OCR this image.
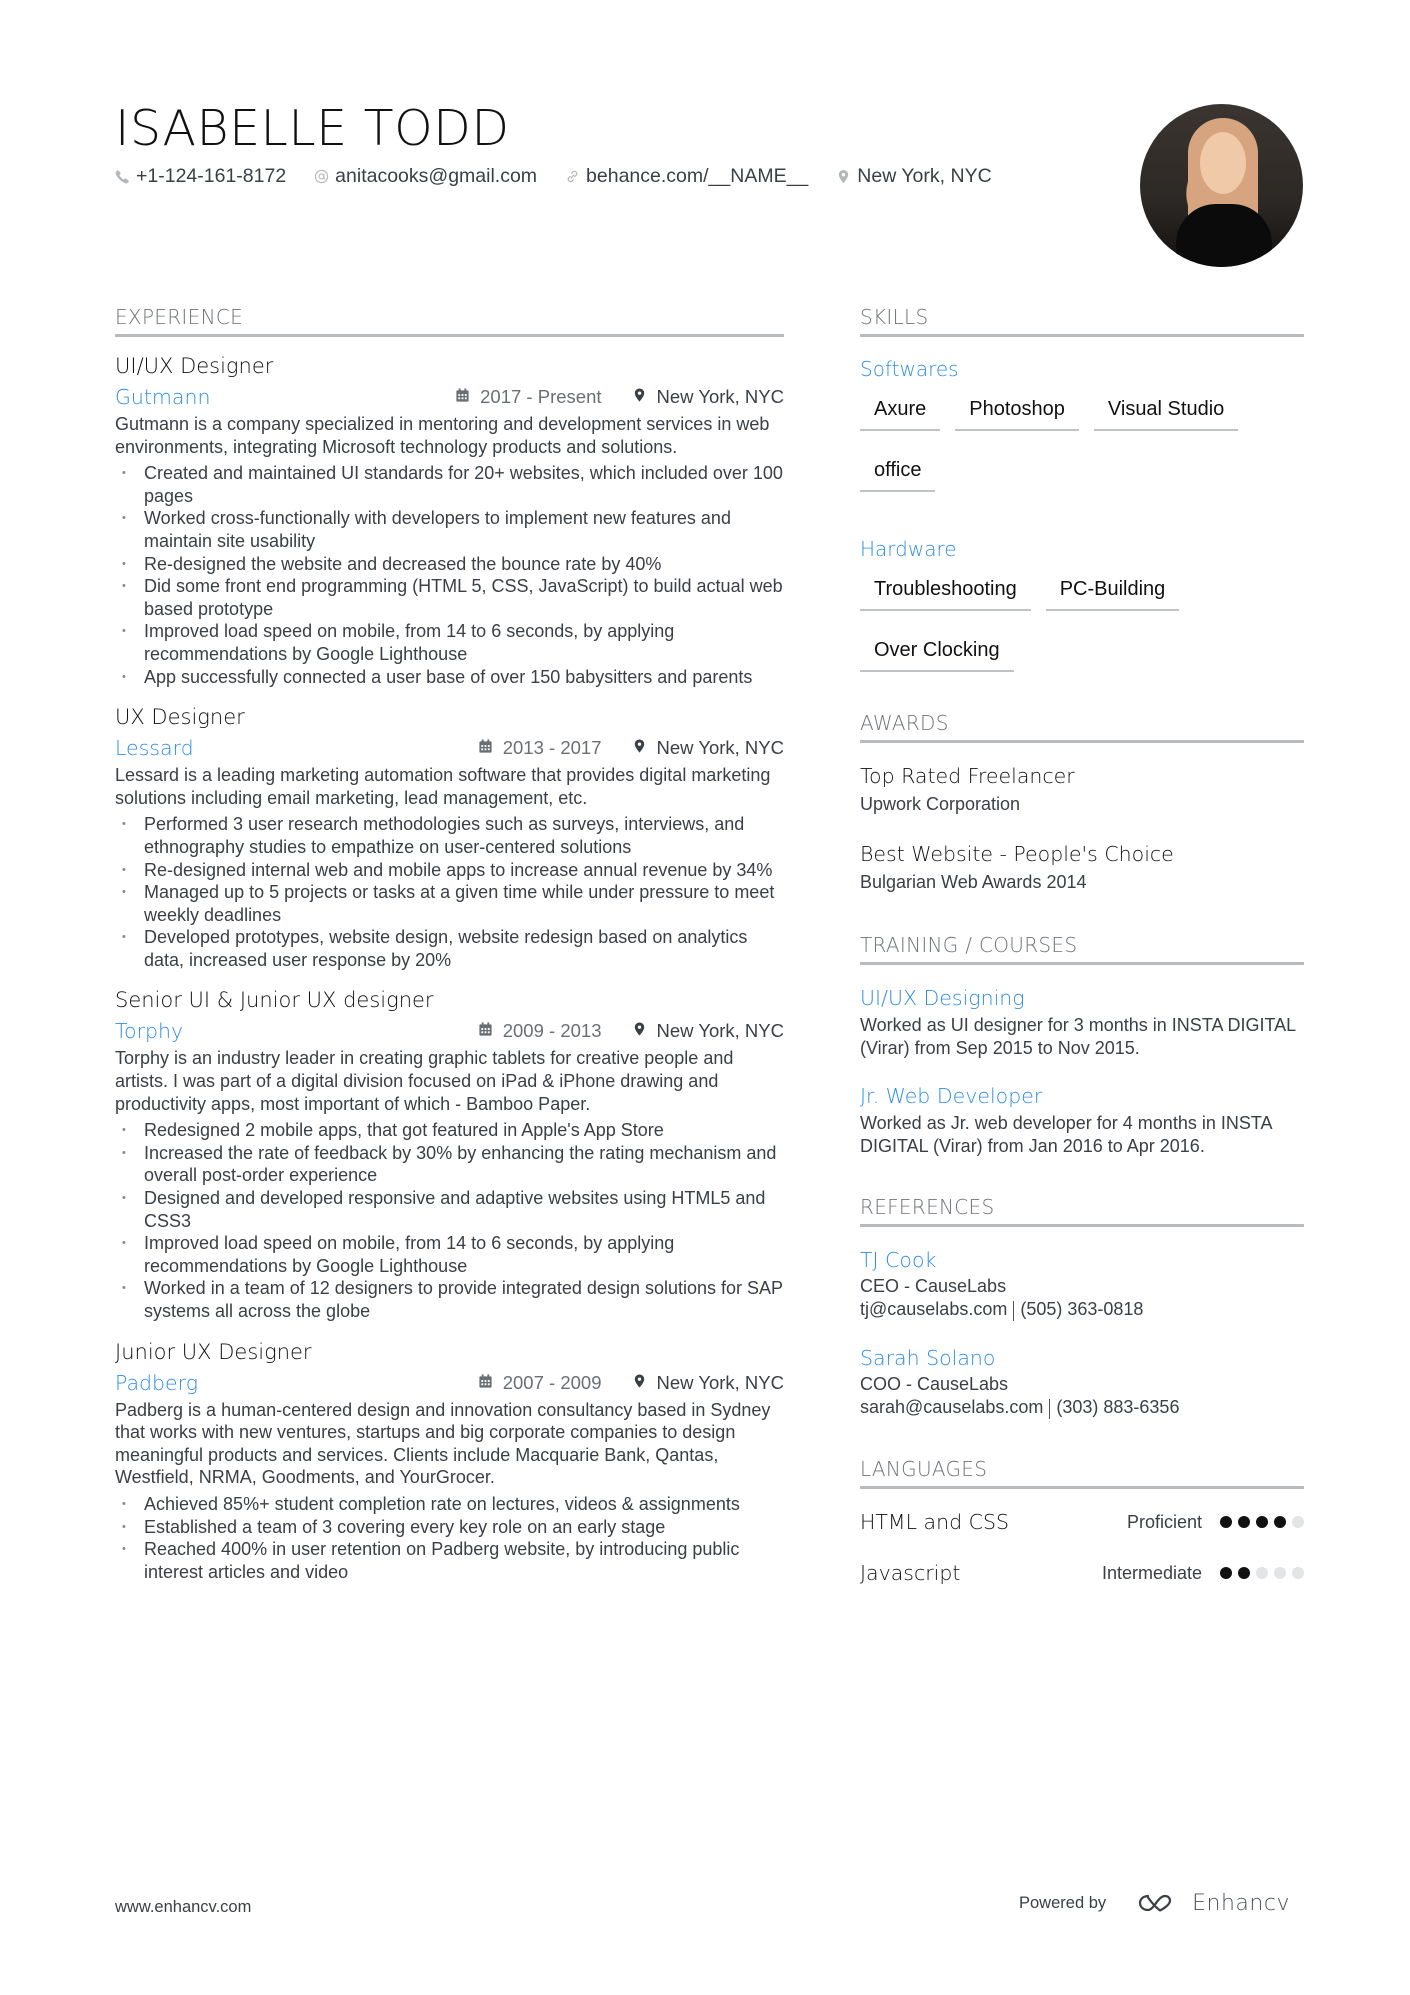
ISABELLE TODD
+1-124-161-8172	anitacooks@gmail.com	behance.com/__NAME__	New York, NYC
EXPERIENCE
UI/UX Designer
Gutmann	2017 - Present	New York, NYC
Gutmann is a company specialized in mentoring and development services in web environments, integrating Microsoft technology products and solutions.
• Created and maintained UI standards for 20+ websites, which included over 100 pages
• Worked cross-functionally with developers to implement new features and maintain site usability
• Re-designed the website and decreased the bounce rate by 40%
• Did some front end programming (HTML 5, CSS, JavaScript) to build actual web based prototype
• Improved load speed on mobile, from 14 to 6 seconds, by applying recommendations by Google Lighthouse
• App successfully connected a user base of over 150 babysitters and parents
UX Designer
Lessard	2013 - 2017	New York, NYC
Lessard is a leading marketing automation software that provides digital marketing solutions including email marketing, lead management, etc.
• Performed 3 user research methodologies such as surveys, interviews, and ethnography studies to empathize on user-centered solutions
• Re-designed internal web and mobile apps to increase annual revenue by 34%
• Managed up to 5 projects or tasks at a given time while under pressure to meet weekly deadlines
• Developed prototypes, website design, website redesign based on analytics data, increased user response by 20%
Senior UI & Junior UX designer
Torphy	2009 - 2013	New York, NYC
Torphy is an industry leader in creating graphic tablets for creative people and artists. I was part of a digital division focused on iPad & iPhone drawing and productivity apps, most important of which - Bamboo Paper.
• Redesigned 2 mobile apps, that got featured in Apple's App Store
• Increased the rate of feedback by 30% by enhancing the rating mechanism and overall post-order experience
• Designed and developed responsive and adaptive websites using HTML5 and CSS3
• Improved load speed on mobile, from 14 to 6 seconds, by applying recommendations by Google Lighthouse
• Worked in a team of 12 designers to provide integrated design solutions for SAP systems all across the globe
Junior UX Designer
Padberg	2007 - 2009	New York, NYC
Padberg is a human-centered design and innovation consultancy based in Sydney that works with new ventures, startups and big corporate companies to design meaningful products and services. Clients include Macquarie Bank, Qantas, Westfield, NRMA, Goodments, and YourGrocer.
• Achieved 85%+ student completion rate on lectures, videos & assignments
• Established a team of 3 covering every key role on an early stage
• Reached 400% in user retention on Padberg website, by introducing public interest articles and video
SKILLS
Softwares
Axure	Photoshop	Visual Studio
office
Hardware
Troubleshooting	PC-Building
Over Clocking
AWARDS
Top Rated Freelancer
Upwork Corporation
Best Website - People's Choice
Bulgarian Web Awards 2014
TRAINING / COURSES
UI/UX Designing
Worked as UI designer for 3 months in INSTA DIGITAL (Virar) from Sep 2015 to Nov 2015.
Jr. Web Developer
Worked as Jr. web developer for 4 months in INSTA DIGITAL (Virar) from Jan 2016 to Apr 2016.
REFERENCES
TJ Cook
CEO - CauseLabs
tj@causelabs.com (505) 363-0818
Sarah Solano
COO - CauseLabs
sarah@causelabs.com (303) 883-6356
LANGUAGES
HTML and CSS	Proficient
Javascript	Intermediate
www.enhancv.com	Powered by	Enhancv
